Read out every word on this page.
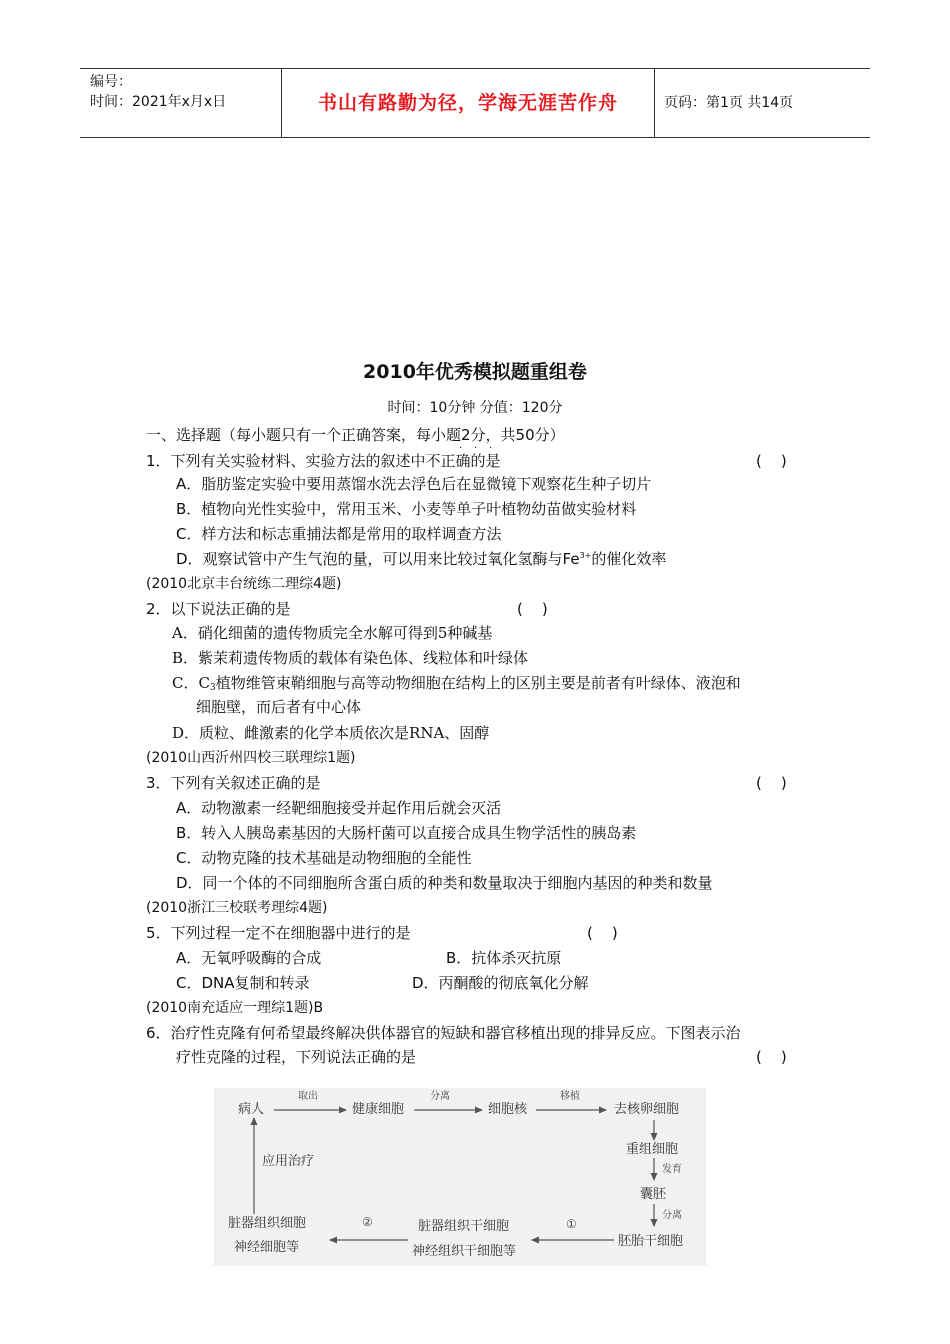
编号：
时间：2021年x月x日	书山有路勤为径，学海无涯苦作舟	页码：第1页 共14页
2010年优秀模拟题重组卷
时间：10分钟 分值：120分
一、选择题（每小题只有一个正确答案，每小题2分，共50分）
1．下列有关实验材料、实验方法的叙述中不正确的是
· · ·
(    )
A．脂肪鉴定实验中要用蒸馏水洗去浮色后在显微镜下观察花生种子切片
B．植物向光性实验中，常用玉米、小麦等单子叶植物幼苗做实验材料
C．样方法和标志重捕法都是常用的取样调查方法
D．观察试管中产生气泡的量，可以用来比较过氧化氢酶与$Fe^{3+}$的催化效率
(2010北京丰台统练二理综4题)
2．以下说法正确的是	(    )
A．硝化细菌的遗传物质完全水解可得到5种碱基
B．紫茉莉遗传物质的载体有染色体、线粒体和叶绿体
C．$C_3$植物维管束鞘细胞与高等动物细胞在结构上的区别主要是前者有叶绿体、液泡和
细胞壁，而后者有中心体
D．质粒、雌激素的化学本质依次是RNA、固醇
(2010山西沂州四校三联理综1题)
3．下列有关叙述正确的是	(    )
A．动物激素一经靶细胞接受并起作用后就会灭活
B．转入人胰岛素基因的大肠杆菌可以直接合成具生物学活性的胰岛素
C．动物克隆的技术基础是动物细胞的全能性
D．同一个体的不同细胞所含蛋白质的种类和数量取决于细胞内基因的种类和数量
(2010浙江三校联考理综4题)
5．下列过程一定不在细胞器中进行的是	(    )
A．无氧呼吸酶的合成	B．抗体杀灭抗原
C．DNA复制和转录	D．丙酮酸的彻底氧化分解
(2010南充适应一理综1题)B
6．治疗性克隆有何希望最终解决供体器官的短缺和器官移植出现的排异反应。下图表示治
疗性克隆的过程，下列说法正确的是	(    )
病人
取出
健康细胞
分离
细胞核
移植
去核卵细胞
重组细胞
发育
囊胚
分离
胚胎干细胞
①
脏器组织干细胞
神经组织干细胞等
②
脏器组织细胞
神经细胞等
应用治疗
